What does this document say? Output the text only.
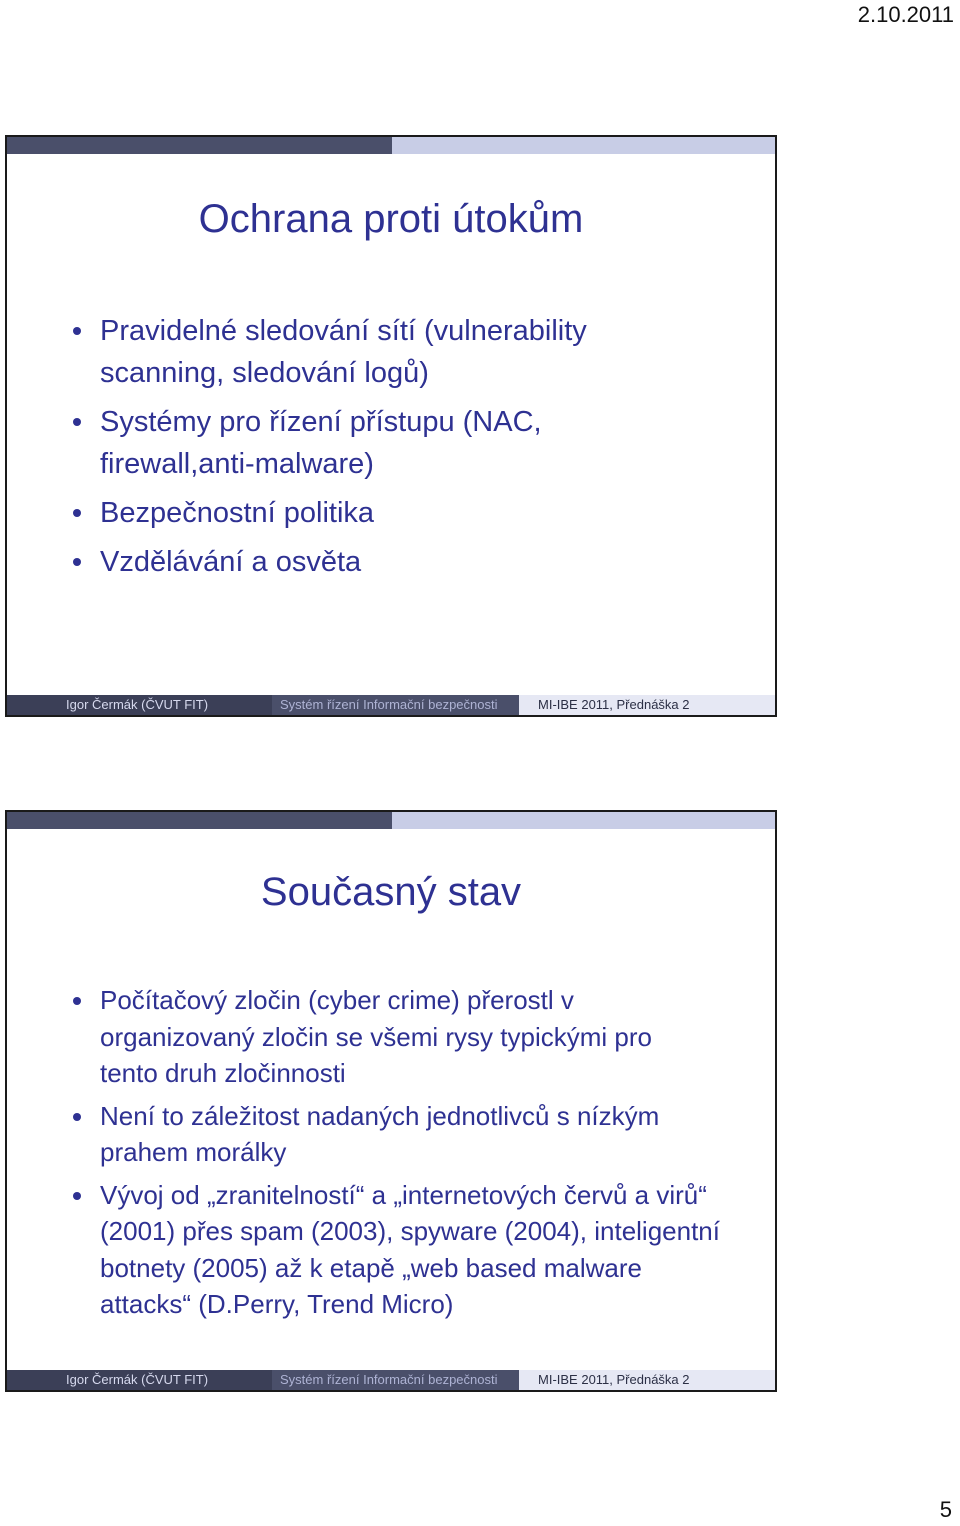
2.10.2011
Ochrana proti útokům
Pravidelné sledování sítí (vulnerability scanning, sledování logů)
Systémy pro řízení přístupu (NAC, firewall,anti-malware)
Bezpečnostní politika
Vzdělávání a osvěta
Igor Čermák (ČVUT FIT)	Systém řízení Informační bezpečnosti	MI-IBE 2011, Přednáška 2
Současný stav
Počítačový zločin (cyber crime) přerostl v organizovaný zločin se všemi rysy typickými pro tento druh zločinnosti
Není to záležitost nadaných jednotlivců s nízkým prahem morálky
Vývoj od „zranitelností“ a „internetových červů a virů“ (2001) přes spam (2003), spyware (2004), inteligentní botnety (2005) až k etapě „web based malware attacks“ (D.Perry, Trend Micro)
Igor Čermák (ČVUT FIT)	Systém řízení Informační bezpečnosti	MI-IBE 2011, Přednáška 2
5
